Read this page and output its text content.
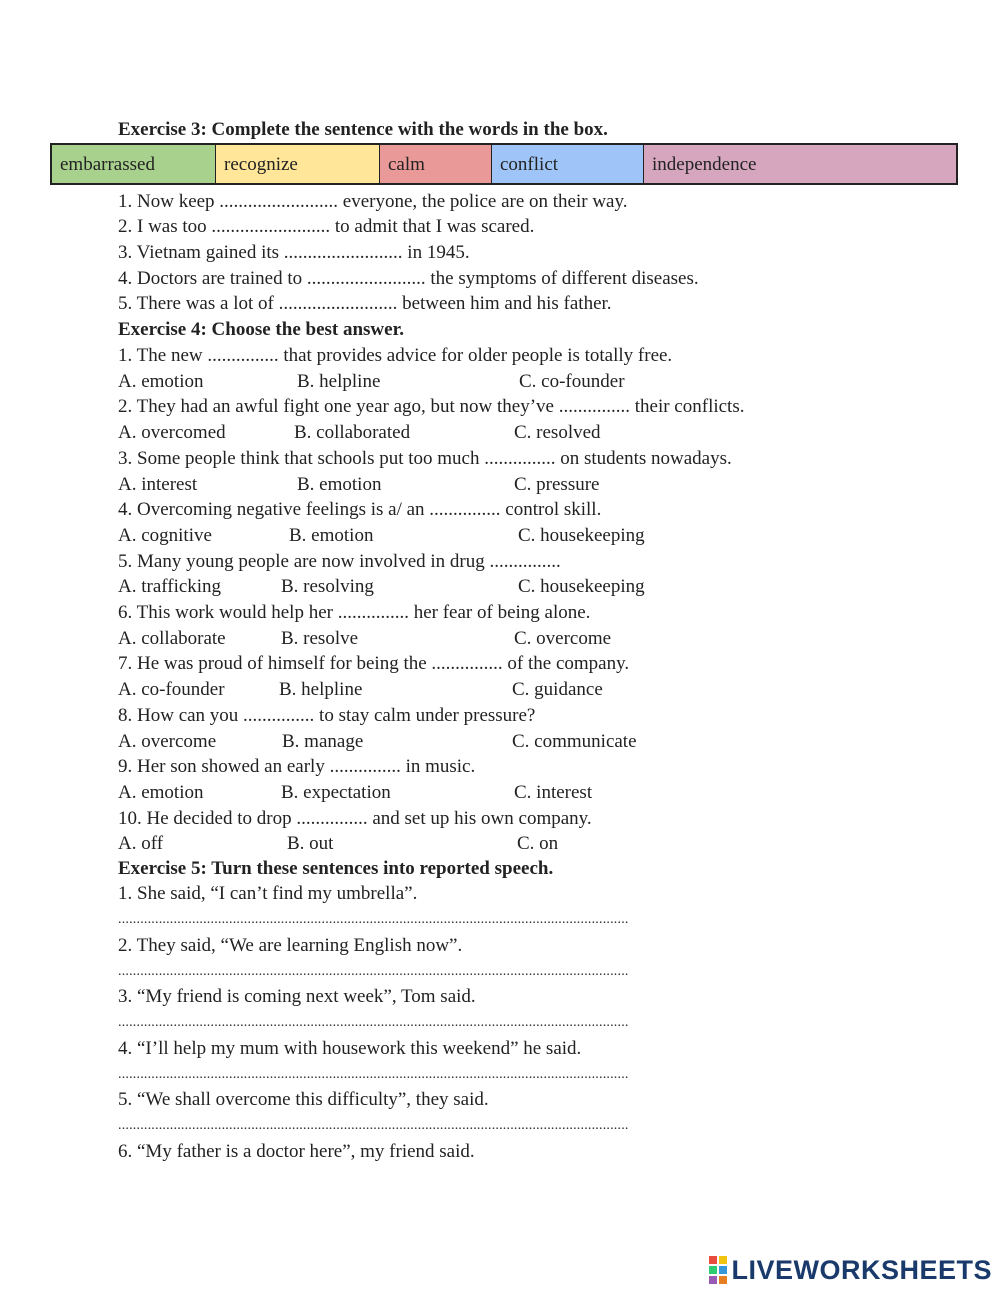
Exercise 3: Complete the sentence with the words in the box.
embarrassed	recognize	calm	conflict	independence
1. Now keep ......................... everyone, the police are on their way.
2. I was too ......................... to admit that I was scared.
3. Vietnam gained its ......................... in 1945.
4. Doctors are trained to ......................... the symptoms of different diseases.
5. There was a lot of ......................... between him and his father.
Exercise 4: Choose the best answer.
1. The new ............... that provides advice for older people is totally free.
A. emotion	B. helpline	C. co-founder
2. They had an awful fight one year ago, but now they’ve ............... their conflicts.
A. overcomed	B. collaborated	C. resolved
3. Some people think that schools put too much ............... on students nowadays.
A. interest	B. emotion	C. pressure
4. Overcoming negative feelings is a/ an ............... control skill.
A. cognitive	B. emotion	C. housekeeping
5. Many young people are now involved in drug ...............
A. trafficking	B. resolving	C. housekeeping
6. This work would help her ............... her fear of being alone.
A. collaborate	B. resolve	C. overcome
7. He was proud of himself for being the ............... of the company.
A. co-founder	B. helpline	C. guidance
8. How can you ............... to stay calm under pressure?
A. overcome	B. manage	C. communicate
9. Her son showed an early ............... in music.
A. emotion	B. expectation	C. interest
10. He decided to drop ............... and set up his own company.
A. off	B. out	C. on
Exercise 5: Turn these sentences into reported speech.
1. She said, “I can’t find my umbrella”.
..........................................................................................................................................
2. They said, “We are learning English now”.
..........................................................................................................................................
3. “My friend is coming next week”, Tom said.
..........................................................................................................................................
4. “I’ll help my mum with housework this weekend” he said.
..........................................................................................................................................
5. “We shall overcome this difficulty”, they said.
..........................................................................................................................................
6. “My father is a doctor here”, my friend said.
LIVEWORKSHEETS
